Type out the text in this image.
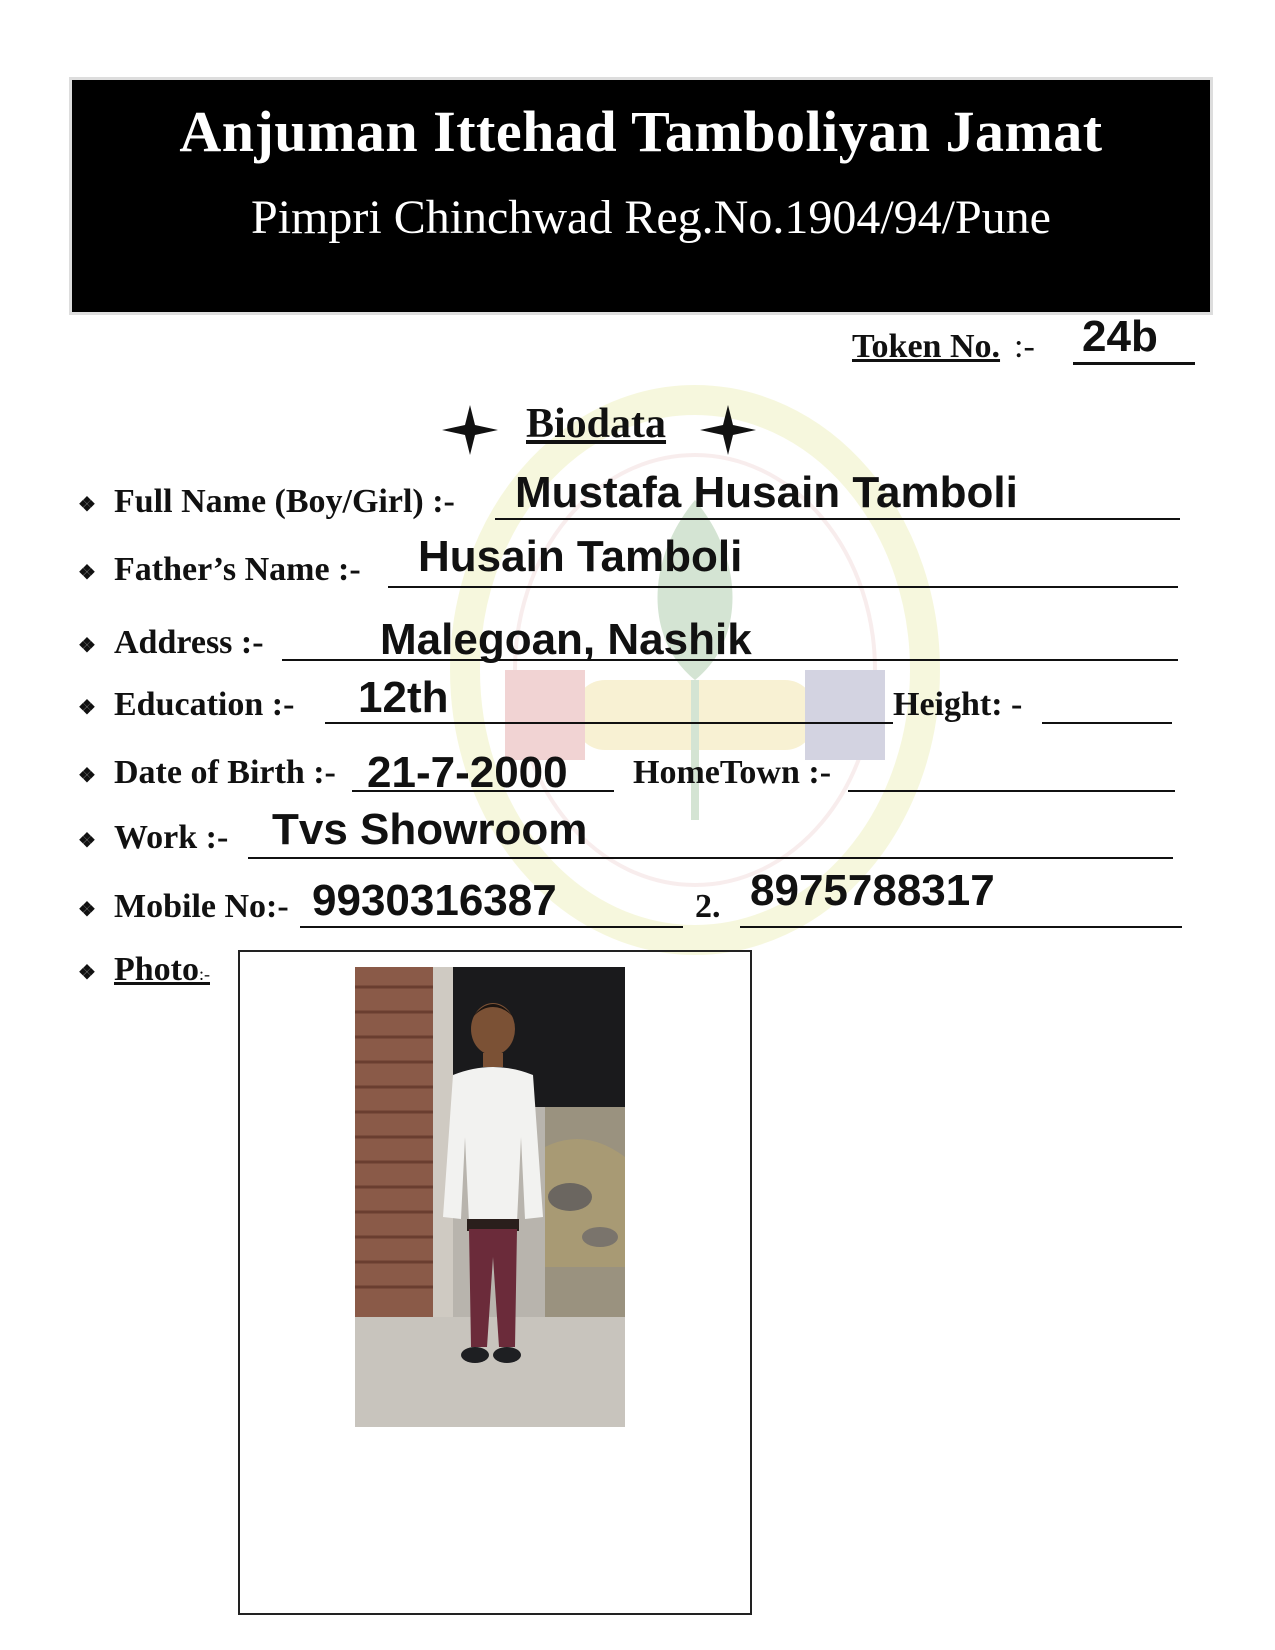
Anjuman Ittehad Tamboliyan Jamat
Pimpri Chinchwad Reg.No.1904/94/Pune
Token No. :- 24b
Biodata
❖ Full Name (Boy/Girl) :- Mustafa Husain Tamboli
❖ Father’s Name :- Husain Tamboli
❖ Address :-	Malegoan, Nashik
❖ Education :- 12th	Height: -
❖ Date of Birth :- 21-7-2000 HomeTown :-
❖ Work :- Tvs Showroom
❖ Mobile No:- 9930316387	2. 8975788317
❖ Photo:-
